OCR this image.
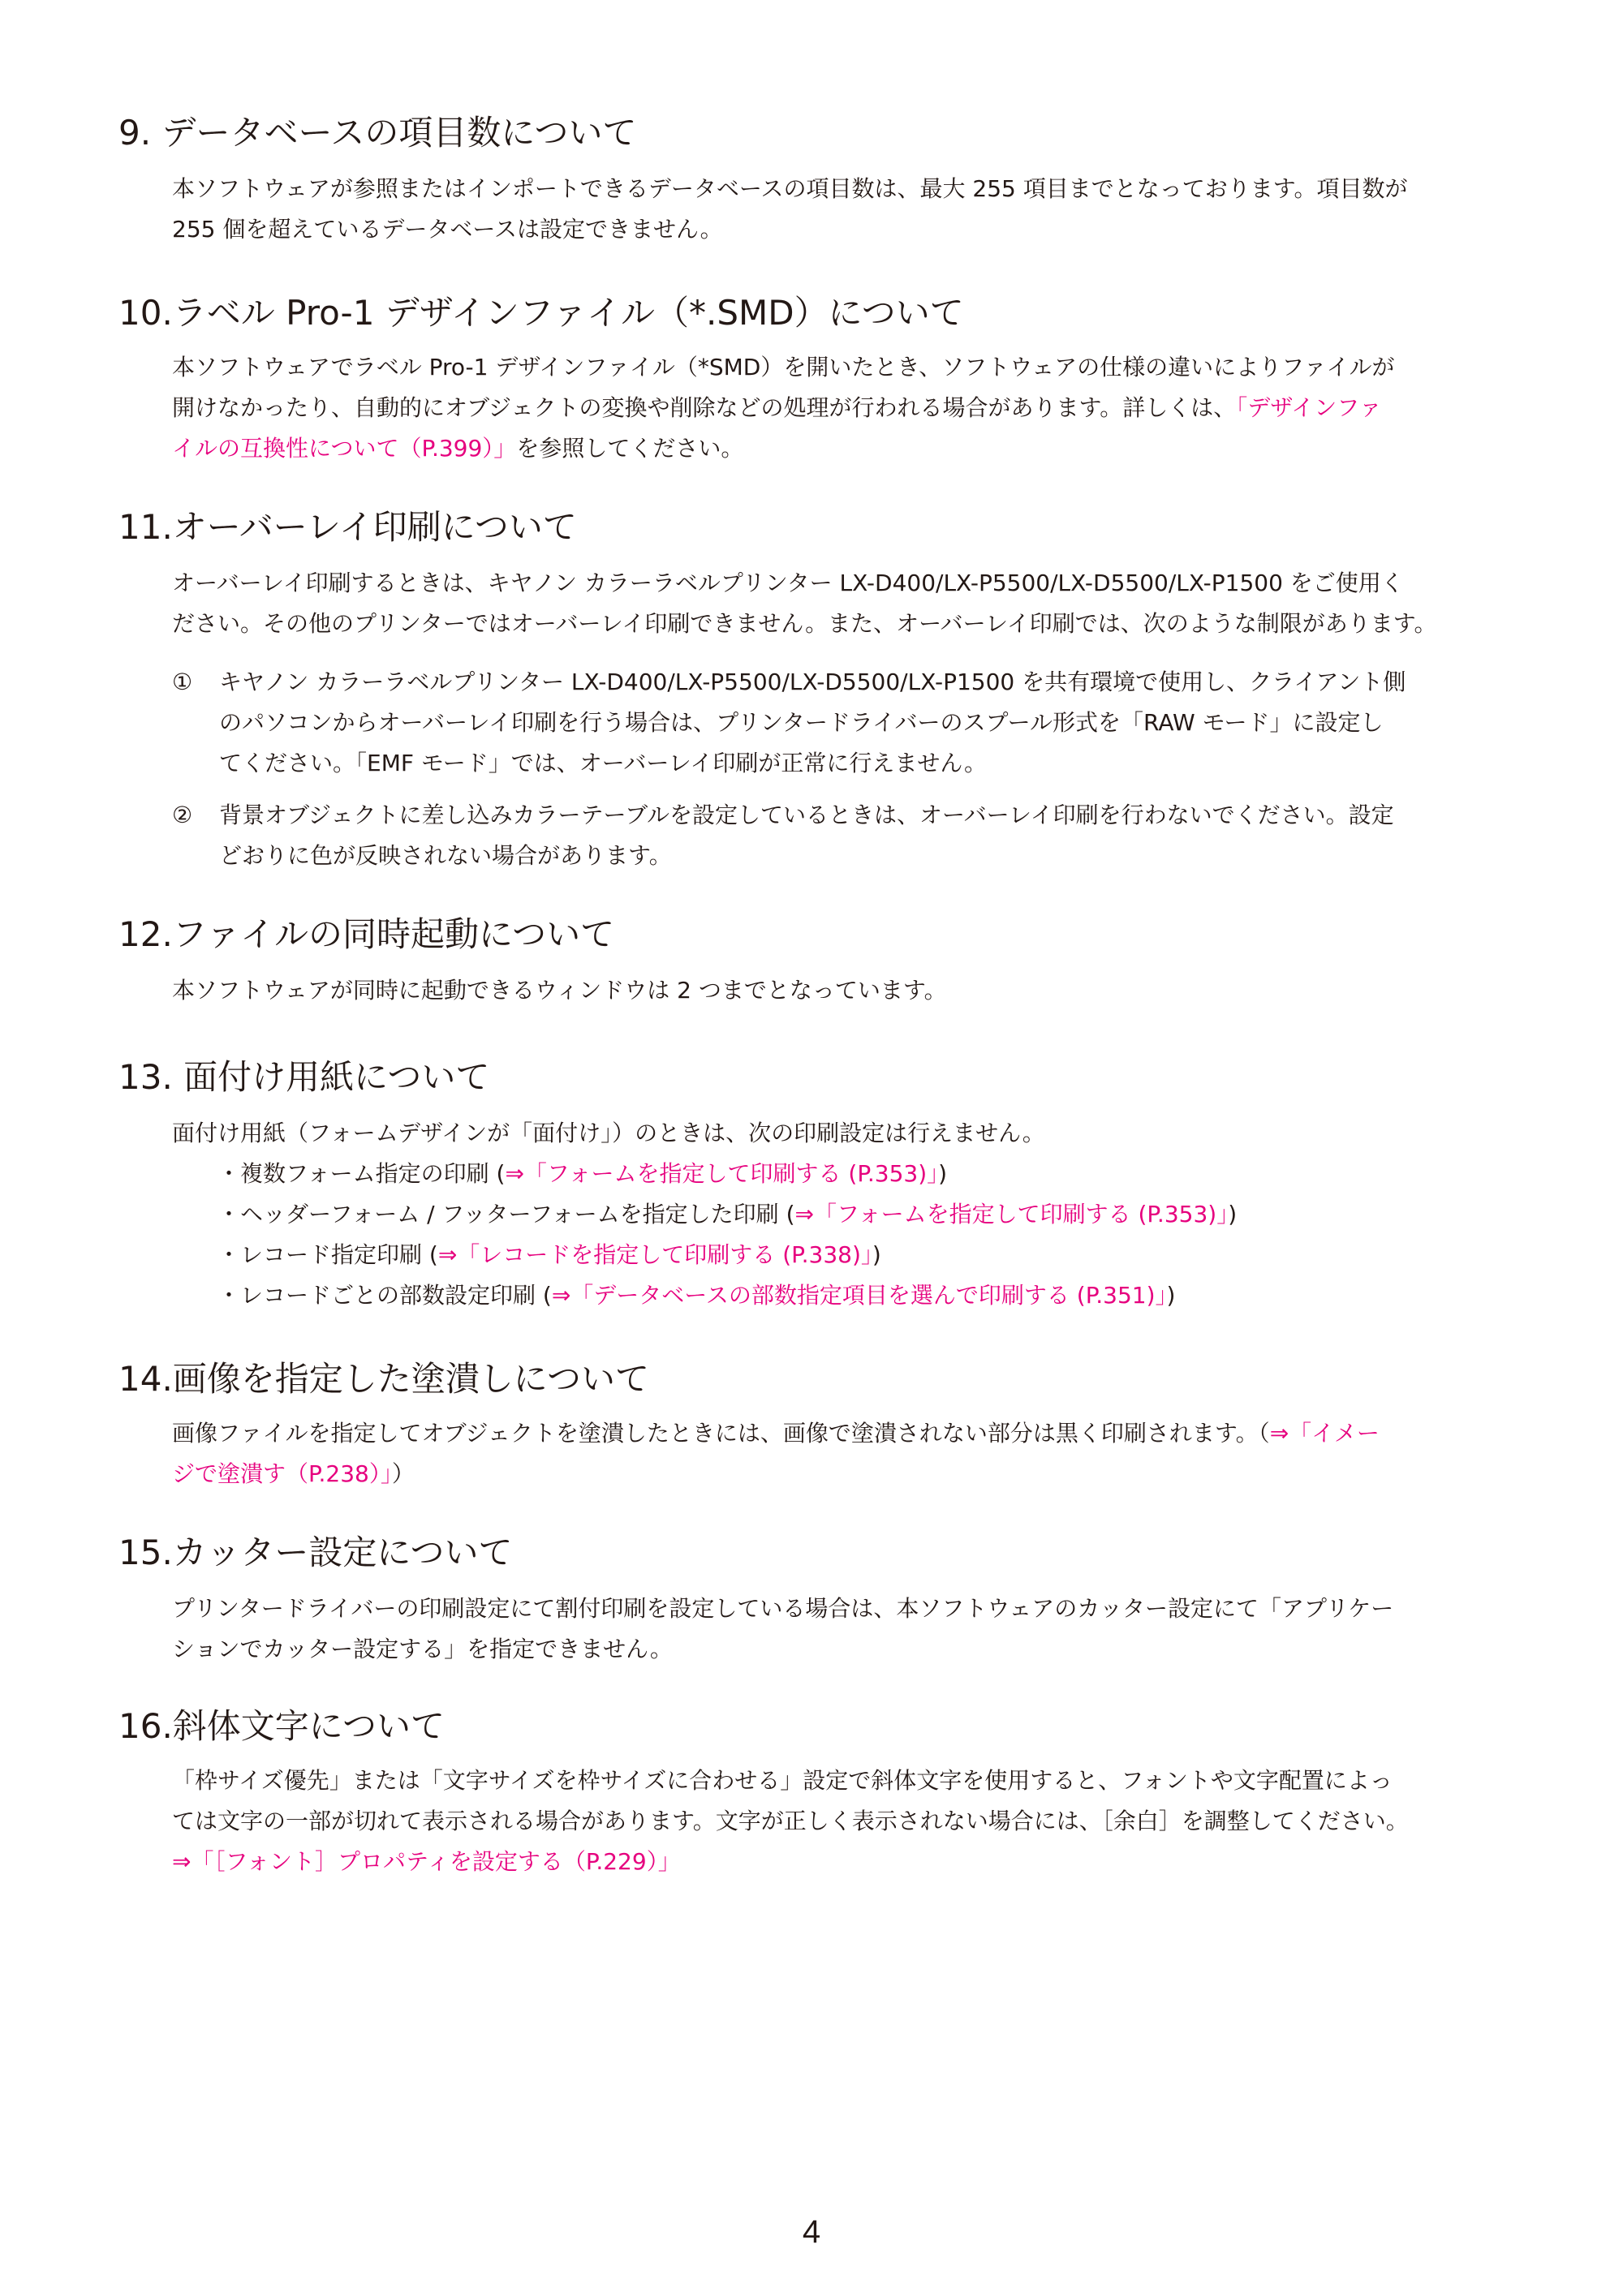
9. データベースの項目数について

本ソフトウェアが参照またはインポートできるデータベースの項目数は、最大 255 項目までとなっております。項目数が

255 個を超えているデータベースは設定できません。

10.ラベル Pro-1 デザインファイル（*.SMD）について

本ソフトウェアでラベル Pro-1 デザインファイル（*SMD）を開いたとき、ソフトウェアの仕様の違いによりファイルが

開けなかったり、自動的にオブジェクトの変換や削除などの処理が行われる場合があります。詳しくは、「デザインファ

イルの互換性について（P.399）」を参照してください。

11.オーバーレイ印刷について

オーバーレイ印刷するときは、キヤノン カラーラベルプリンター LX-D400/LX-P5500/LX-D5500/LX-P1500 をご使用く

ださい。その他のプリンターではオーバーレイ印刷できません。また、オーバーレイ印刷では、次のような制限があります。

① キヤノン カラーラベルプリンター LX-D400/LX-P5500/LX-D5500/LX-P1500 を共有環境で使用し、クライアント側
のパソコンからオーバーレイ印刷を行う場合は、プリンタードライバーのスプール形式を「RAW モード」に設定し
てください。「EMF モード」では、オーバーレイ印刷が正常に行えません。
② 背景オブジェクトに差し込みカラーテーブルを設定しているときは、オーバーレイ印刷を行わないでください。設定
どおりに色が反映されない場合があります。
12.ファイルの同時起動について

本ソフトウェアが同時に起動できるウィンドウは 2 つまでとなっています。

13. 面付け用紙について

面付け用紙（フォームデザインが「面付け」）のときは、次の印刷設定は行えません。

・複数フォーム指定の印刷 (⇒「フォームを指定して印刷する (P.353)」)
・ヘッダーフォーム / フッターフォームを指定した印刷 (⇒「フォームを指定して印刷する (P.353)」)
・レコード指定印刷 (⇒「レコードを指定して印刷する (P.338)」)
・レコードごとの部数設定印刷 (⇒「データベースの部数指定項目を選んで印刷する (P.351)」)
14.画像を指定した塗潰しについて

画像ファイルを指定してオブジェクトを塗潰したときには、画像で塗潰されない部分は黒く印刷されます。（⇒「イメー

ジで塗潰す（P.238）」）

15.カッター設定について

プリンタードライバーの印刷設定にて割付印刷を設定している場合は、本ソフトウェアのカッター設定にて「アプリケー

ションでカッター設定する」を指定できません。

16.斜体文字について

「枠サイズ優先」または「文字サイズを枠サイズに合わせる」設定で斜体文字を使用すると、フォントや文字配置によっ

ては文字の一部が切れて表示される場合があります。文字が正しく表示されない場合には、［余白］を調整してください。

⇒「［フォント］プロパティを設定する（P.229）」

4
